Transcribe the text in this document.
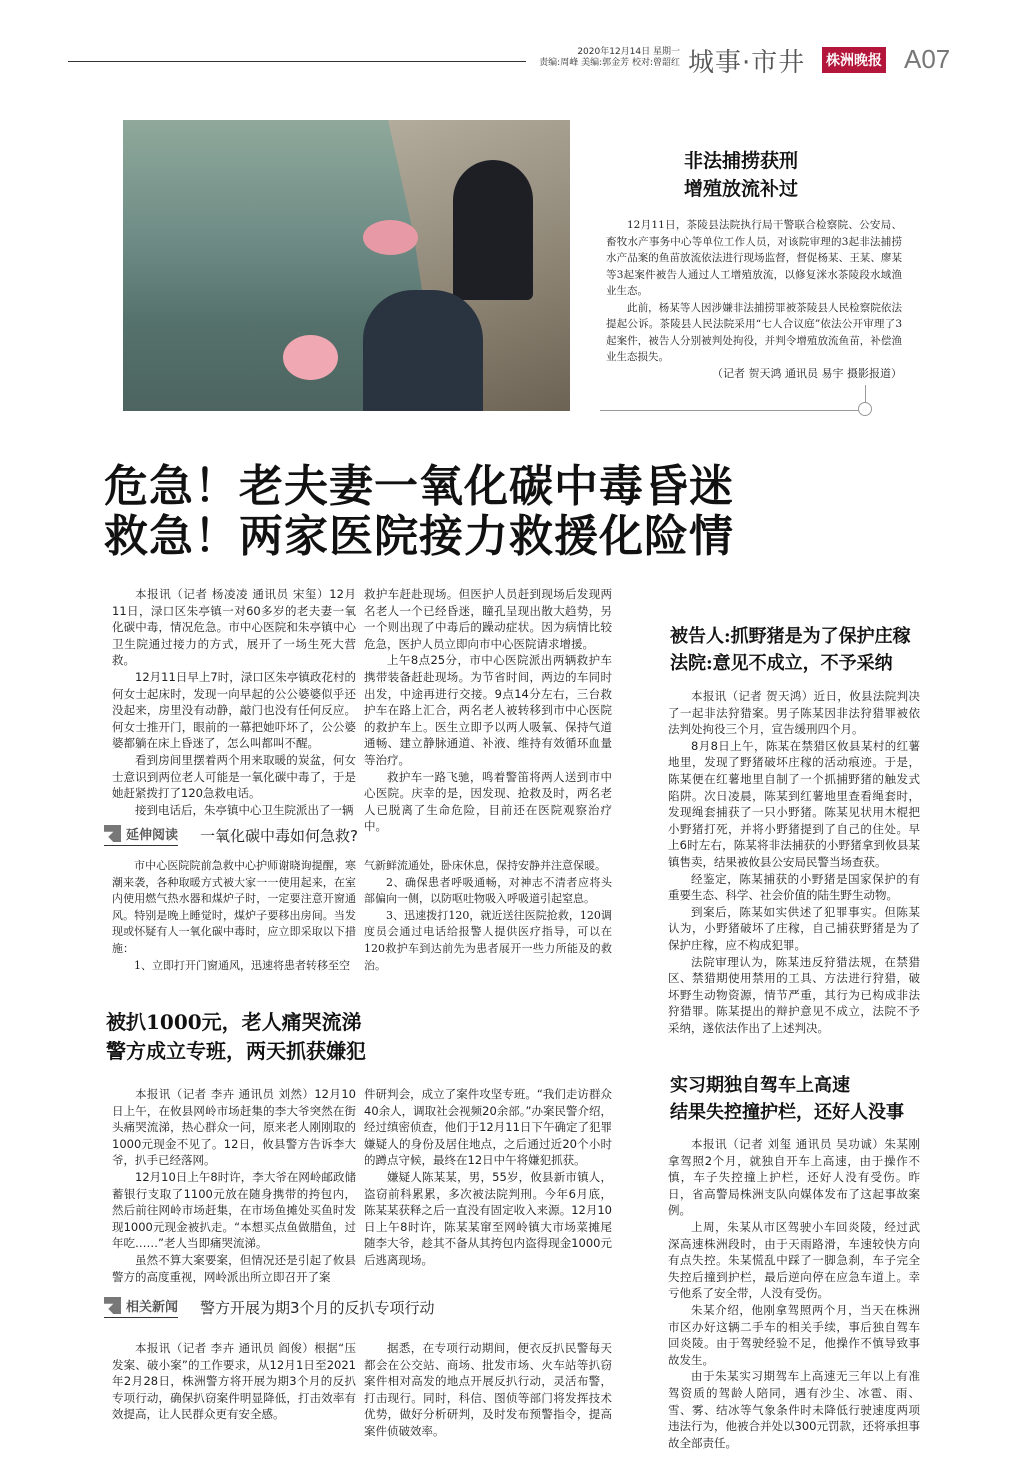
2020年12月14日 星期一
责编:周峰 美编:郭金芳 校对:曾韶红 城事·市井 株洲晚报 A07
非法捕捞获刑
增殖放流补过

12月11日，茶陵县法院执行局干警联合检察院、公安局、畜牧水产事务中心等单位工作人员，对该院审理的3起非法捕捞水产品案的鱼苗放流依法进行现场监督，督促杨某、王某、廖某等3起案件被告人通过人工增殖放流，以修复洣水茶陵段水域渔业生态。

此前，杨某等人因涉嫌非法捕捞罪被茶陵县人民检察院依法提起公诉。茶陵县人民法院采用“七人合议庭”依法公开审理了3起案件，被告人分别被判处拘役，并判令增殖放流鱼苗，补偿渔业生态损失。

（记者 贺天鸿 通讯员 易宇 摄影报道）
危急！老夫妻一氧化碳中毒昏迷
救急！两家医院接力救援化险情

本报讯（记者 杨凌凌 通讯员 宋玺）12月11日，渌口区朱亭镇一对60多岁的老夫妻一氧化碳中毒，情况危急。市中心医院和朱亭镇中心卫生院通过接力的方式，展开了一场生死大营救。

12月11日早上7时，渌口区朱亭镇政花村的何女士起床时，发现一向早起的公公婆婆似乎还没起来，房里没有动静，敲门也没有任何反应。何女士推开门，眼前的一幕把她吓坏了，公公婆婆都躺在床上昏迷了，怎么叫都叫不醒。

看到房间里摆着两个用来取暖的炭盆，何女士意识到两位老人可能是一氧化碳中毒了，于是她赶紧拨打了120急救电话。

接到电话后，朱亭镇中心卫生院派出了一辆

救护车赶赴现场。但医护人员赶到现场后发现两名老人一个已经昏迷，瞳孔呈现出散大趋势，另一个则出现了中毒后的躁动症状。因为病情比较危急，医护人员立即向市中心医院请求增援。

上午8点25分，市中心医院派出两辆救护车携带装备赶赴现场。为节省时间，两边的车同时出发，中途再进行交接。9点14分左右，三台救护车在路上汇合，两名老人被转移到市中心医院的救护车上。医生立即予以两人吸氧、保持气道通畅、建立静脉通道、补液、维持有效循环血量等治疗。

救护车一路飞驰，鸣着警笛将两人送到市中心医院。庆幸的是，因发现、抢救及时，两名老人已脱离了生命危险，目前还在医院观察治疗中。

延伸阅读 一氧化碳中毒如何急救?

市中心医院院前急救中心护师谢晓询提醒，寒潮来袭，各种取暖方式被大家一一使用起来，在室内使用燃气热水器和煤炉子时，一定要注意开窗通风。特别是晚上睡觉时，煤炉子要移出房间。当发现或怀疑有人一氧化碳中毒时，应立即采取以下措施：

1、立即打开门窗通风，迅速将患者转移至空

气新鲜流通处，卧床休息，保持安静并注意保暖。

2、确保患者呼吸通畅，对神志不清者应将头部偏向一侧，以防呕吐物吸入呼吸道引起窒息。

3、迅速拨打120，就近送往医院抢救，120调度员会通过电话给报警人提供医疗指导，可以在120救护车到达前先为患者展开一些力所能及的救治。

被扒1000元，老人痛哭流涕
警方成立专班，两天抓获嫌犯

本报讯（记者 李卉 通讯员 刘然）12月10日上午，在攸县网岭市场赶集的李大爷突然在街头痛哭流涕，热心群众一问，原来老人刚刚取的1000元现金不见了。12日，攸县警方告诉李大爷，扒手已经落网。

12月10日上午8时许，李大爷在网岭邮政储蓄银行支取了1100元放在随身携带的挎包内，然后前往网岭市场赶集，在市场鱼摊处买鱼时发现1000元现金被扒走。“本想买点鱼做腊鱼，过年吃……”老人当即痛哭流涕。

虽然不算大案要案，但情况还是引起了攸县警方的高度重视，网岭派出所立即召开了案

件研判会，成立了案件攻坚专班。“我们走访群众40余人，调取社会视频20余部。”办案民警介绍，经过缜密侦查，他们于12月11日下午确定了犯罪嫌疑人的身份及居住地点，之后通过近20个小时的蹲点守候，最终在12日中午将嫌犯抓获。

嫌疑人陈某某，男，55岁，攸县新市镇人，盗窃前科累累，多次被法院判刑。今年6月底，陈某某获释之后一直没有固定收入来源。12月10日上午8时许，陈某某窜至网岭镇大市场菜摊尾随李大爷，趁其不备从其挎包内盗得现金1000元后逃离现场。

相关新闻 警方开展为期3个月的反扒专项行动

本报讯（记者 李卉 通讯员 阎俊）根据“压发案、破小案”的工作要求，从12月1日至2021年2月28日，株洲警方将开展为期3个月的反扒专项行动，确保扒窃案件明显降低，打击效率有效提高，让人民群众更有安全感。

据悉，在专项行动期间，便衣反扒民警每天都会在公交站、商场、批发市场、火车站等扒窃案件相对高发的地点开展反扒行动，灵活布警，打击现行。同时，科信、图侦等部门将发挥技术优势，做好分析研判，及时发布预警指令，提高案件侦破效率。

被告人:抓野猪是为了保护庄稼
法院:意见不成立，不予采纳

本报讯（记者 贺天鸿）近日，攸县法院判决了一起非法狩猎案。男子陈某因非法狩猎罪被依法判处拘役三个月，宣告缓刑四个月。

8月8日上午，陈某在禁猎区攸县某村的红薯地里，发现了野猪破坏庄稼的活动痕迹。于是，陈某便在红薯地里自制了一个抓捕野猪的触发式陷阱。次日凌晨，陈某到红薯地里查看绳套时，发现绳套捕获了一只小野猪。陈某见状用木棍把小野猪打死，并将小野猪提到了自己的住处。早上6时左右，陈某将非法捕获的小野猪拿到攸县某镇售卖，结果被攸县公安局民警当场查获。

经鉴定，陈某捕获的小野猪是国家保护的有重要生态、科学、社会价值的陆生野生动物。

到案后，陈某如实供述了犯罪事实。但陈某认为，小野猪破坏了庄稼，自己捕获野猪是为了保护庄稼，应不构成犯罪。

法院审理认为，陈某违反狩猎法规，在禁猎区、禁猎期使用禁用的工具、方法进行狩猎，破坏野生动物资源，情节严重，其行为已构成非法狩猎罪。陈某提出的辩护意见不成立，法院不予采纳，遂依法作出了上述判决。

实习期独自驾车上高速
结果失控撞护栏，还好人没事

本报讯（记者 刘玺 通讯员 吴功诚）朱某刚拿驾照2个月，就独自开车上高速，由于操作不慎，车子失控撞上护栏，还好人没有受伤。昨日，省高警局株洲支队向媒体发布了这起事故案例。

上周，朱某从市区驾驶小车回炎陵，经过武深高速株洲段时，由于天雨路滑，车速较快方向有点失控。朱某慌乱中踩了一脚急刹，车子完全失控后撞到护栏，最后逆向停在应急车道上。幸亏他系了安全带，人没有受伤。

朱某介绍，他刚拿驾照两个月，当天在株洲市区办好这辆二手车的相关手续，事后独自驾车回炎陵。由于驾驶经验不足，他操作不慎导致事故发生。

由于朱某实习期驾车上高速无三年以上有准驾资质的驾龄人陪同，遇有沙尘、冰雹、雨、雪、雾、结冰等气象条件时未降低行驶速度两项违法行为，他被合并处以300元罚款，还将承担事故全部责任。
